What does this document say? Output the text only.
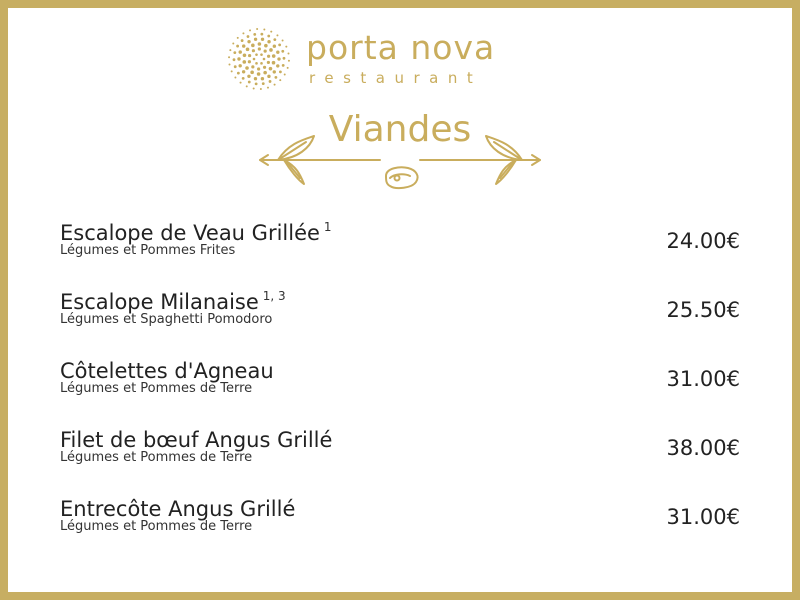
porta nova
restaurant
Viandes
Escalope de Veau Grillée $^1$
Légumes et Pommes Frites	24.00€
Escalope Milanaise $^{1, 3}$
Légumes et Spaghetti Pomodoro	25.50€
Côtelettes d'Agneau
Légumes et Pommes de Terre	31.00€
Filet de bœuf Angus Grillé
Légumes et Pommes de Terre	38.00€
Entrecôte Angus Grillé
Légumes et Pommes de Terre	31.00€
